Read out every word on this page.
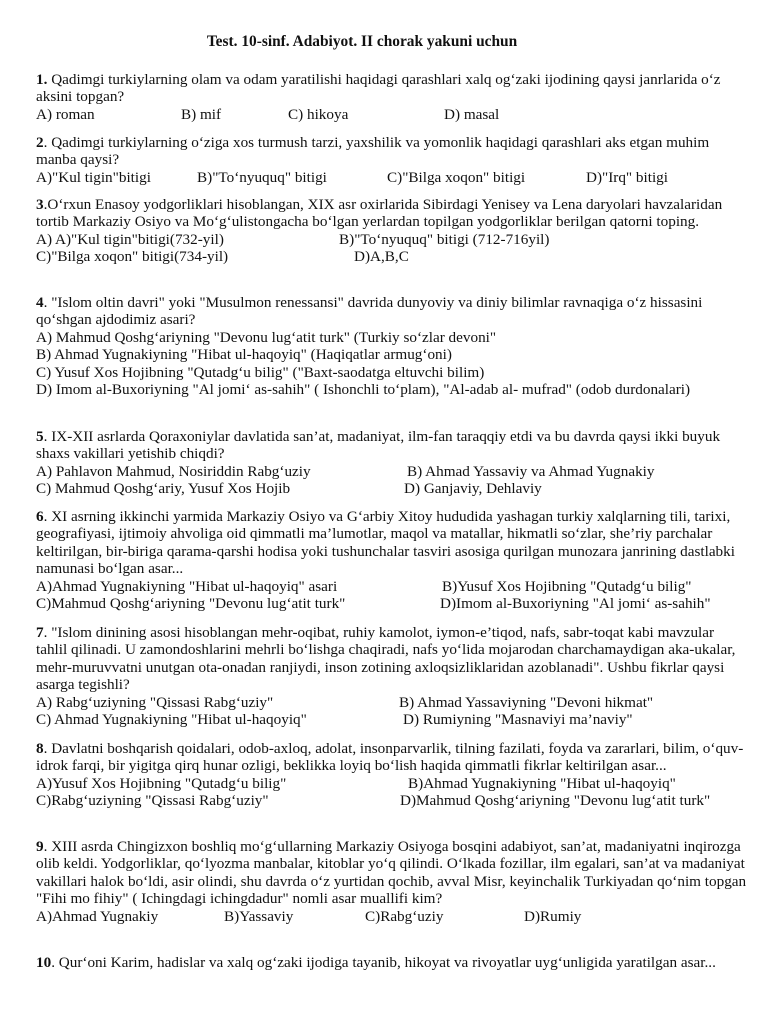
Test. 10-sinf. Adabiyot. II chorak yakuni uchun
1. Qadimgi turkiylarning olam va odam yaratilishi haqidagi qarashlari xalq og‘zaki ijodining qaysi janrlarida o‘z aksini topgan?
A) roman	B) mif	C) hikoya	D) masal
2. Qadimgi turkiylarning o‘ziga xos turmush tarzi, yaxshilik va yomonlik haqidagi qarashlari aks etgan muhim manba qaysi?
A)"Kul tigin"bitigi	B)"To‘nyuquq" bitigi	C)"Bilga xoqon" bitigi	D)"Irq" bitigi
3.O‘rxun Enasoy yodgorliklari hisoblangan, XIX asr oxirlarida Sibirdagi Yenisey va Lena daryolari havzalaridan tortib Markaziy Osiyo va Mo‘g‘ulistongacha bo‘lgan yerlardan topilgan yodgorliklar berilgan qatorni toping.
A) A)"Kul tigin"bitigi(732-yil)	B)"To‘nyuquq" bitigi (712-716yil)
C)"Bilga xoqon" bitigi(734-yil)	D)A,B,C
4. "Islom oltin davri" yoki "Musulmon renessansi" davrida dunyoviy va diniy bilimlar ravnaqiga o‘z hissasini qo‘shgan ajdodimiz asari?
A) Mahmud Qoshg‘ariyning "Devonu lug‘atit turk" (Turkiy so‘zlar devoni"
B) Ahmad Yugnakiyning "Hibat ul-haqoyiq" (Haqiqatlar armug‘oni)
C) Yusuf Xos Hojibning "Qutadg‘u bilig" ("Baxt-saodatga eltuvchi bilim)
D) Imom al-Buxoriyning "Al jomi‘ as-sahih" ( Ishonchli to‘plam), "Al-adab al- mufrad" (odob durdonalari)
5. IX-XII asrlarda Qoraxoniylar davlatida san’at, madaniyat, ilm-fan taraqqiy etdi va bu davrda qaysi ikki buyuk shaxs vakillari yetishib chiqdi?
A) Pahlavon Mahmud, Nosiriddin Rabg‘uziy	B) Ahmad Yassaviy va Ahmad Yugnakiy
C) Mahmud Qoshg‘ariy, Yusuf Xos Hojib	D) Ganjaviy, Dehlaviy
6. XI asrning ikkinchi yarmida Markaziy Osiyo va G‘arbiy Xitoy hududida yashagan turkiy xalqlarning tili, tarixi, geografiyasi, ijtimoiy ahvoliga oid qimmatli ma’lumotlar, maqol va matallar, hikmatli so‘zlar, she’riy parchalar keltirilgan, bir-biriga qarama-qarshi hodisa yoki tushunchalar tasviri asosiga qurilgan munozara janrining dastlabki namunasi bo‘lgan asar...
A)Ahmad Yugnakiyning "Hibat ul-haqoyiq" asari	B)Yusuf Xos Hojibning "Qutadg‘u bilig"
C)Mahmud Qoshg‘ariyning "Devonu lug‘atit turk"	D)Imom al-Buxoriyning "Al jomi‘ as-sahih"
7. "Islom dinining asosi hisoblangan mehr-oqibat, ruhiy kamolot, iymon-e’tiqod, nafs, sabr-toqat kabi mavzular tahlil qilinadi. U zamondoshlarini mehrli bo‘lishga chaqiradi, nafs yo‘lida mojarodan charchamaydigan aka-ukalar, mehr-muruvvatni unutgan ota-onadan ranjiydi, inson zotining axloqsizliklaridan azoblanadi". Ushbu fikrlar qaysi asarga tegishli?
A) Rabg‘uziyning "Qissasi Rabg‘uziy"	B) Ahmad Yassaviyning "Devoni hikmat"
C) Ahmad Yugnakiyning "Hibat ul-haqoyiq"	D) Rumiyning "Masnaviyi ma’naviy"
8. Davlatni boshqarish qoidalari, odob-axloq, adolat, insonparvarlik, tilning fazilati, foyda va zararlari, bilim, o‘quv- idrok farqi, bir yigitga qirq hunar ozligi, beklikka loyiq bo‘lish haqida qimmatli fikrlar keltirilgan asar...
A)Yusuf Xos Hojibning "Qutadg‘u bilig"	B)Ahmad Yugnakiyning "Hibat ul-haqoyiq"
C)Rabg‘uziyning "Qissasi Rabg‘uziy"	D)Mahmud Qoshg‘ariyning "Devonu lug‘atit turk"
9. XIII asrda Chingizxon boshliq mo‘g‘ullarning Markaziy Osiyoga bosqini adabiyot, san’at, madaniyatni inqirozga olib keldi. Yodgorliklar, qo‘lyozma manbalar, kitoblar yo‘q qilindi. O‘lkada fozillar, ilm egalari, san’at va madaniyat vakillari halok bo‘ldi, asir olindi, shu davrda o‘z yurtidan qochib, avval Misr, keyinchalik Turkiyadan qo‘nim topgan "Fihi mo fihiy" ( Ichingdagi ichingdadur" nomli asar muallifi kim?
A)Ahmad Yugnakiy	B)Yassaviy	C)Rabg‘uziy	D)Rumiy
10. Qur‘oni Karim, hadislar va xalq og‘zaki ijodiga tayanib, hikoyat va rivoyatlar uyg‘unligida yaratilgan asar...
